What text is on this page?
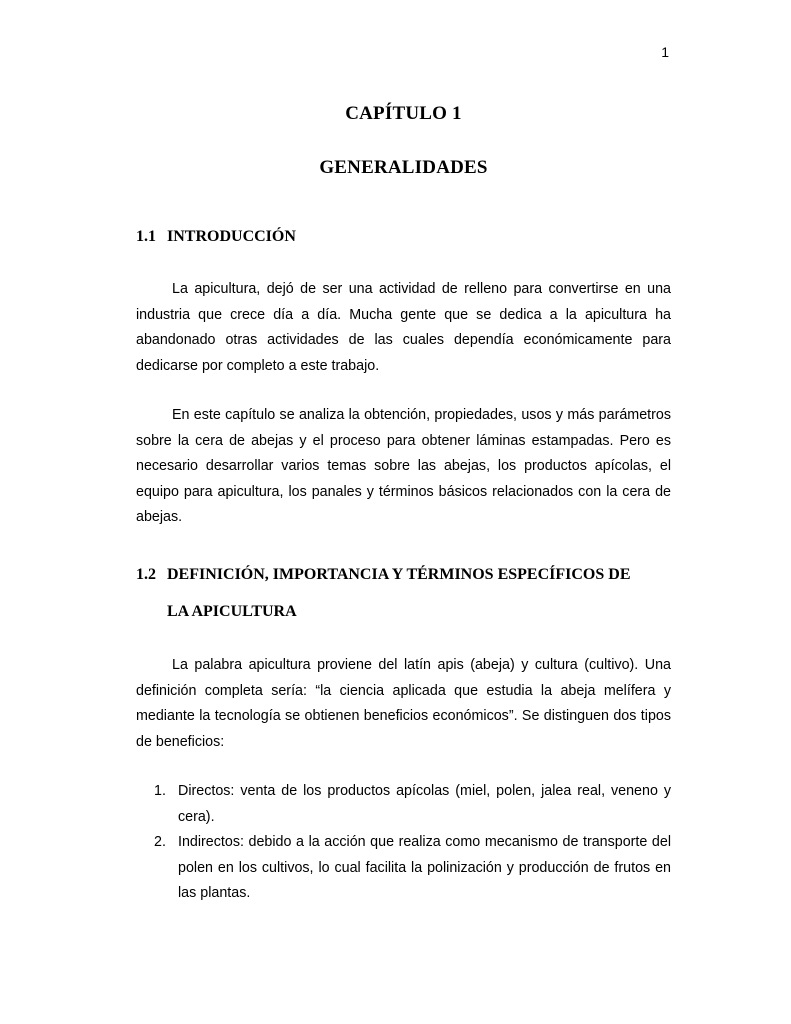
1
CAPÍTULO 1
GENERALIDADES
1.1 INTRODUCCIÓN

La apicultura, dejó de ser una actividad de relleno para convertirse en una industria que crece día a día. Mucha gente que se dedica a la apicultura ha abandonado otras actividades de las cuales dependía económicamente para dedicarse por completo a este trabajo.

En este capítulo se analiza la obtención, propiedades, usos y más parámetros sobre la cera de abejas y el proceso para obtener láminas estampadas. Pero es necesario desarrollar varios temas sobre las abejas, los productos apícolas, el equipo para apicultura, los panales y términos básicos relacionados con la cera de abejas.

1.2 DEFINICIÓN, IMPORTANCIA Y TÉRMINOS ESPECÍFICOS DE
LA APICULTURA

La palabra apicultura proviene del latín apis (abeja) y cultura (cultivo). Una definición completa sería: “la ciencia aplicada que estudia la abeja melífera y mediante la tecnología se obtienen beneficios económicos”. Se distinguen dos tipos de beneficios:

1. Directos: venta de los productos apícolas (miel, polen, jalea real, veneno y cera).
2. Indirectos: debido a la acción que realiza como mecanismo de transporte del polen en los cultivos, lo cual facilita la polinización y producción de frutos en las plantas.
